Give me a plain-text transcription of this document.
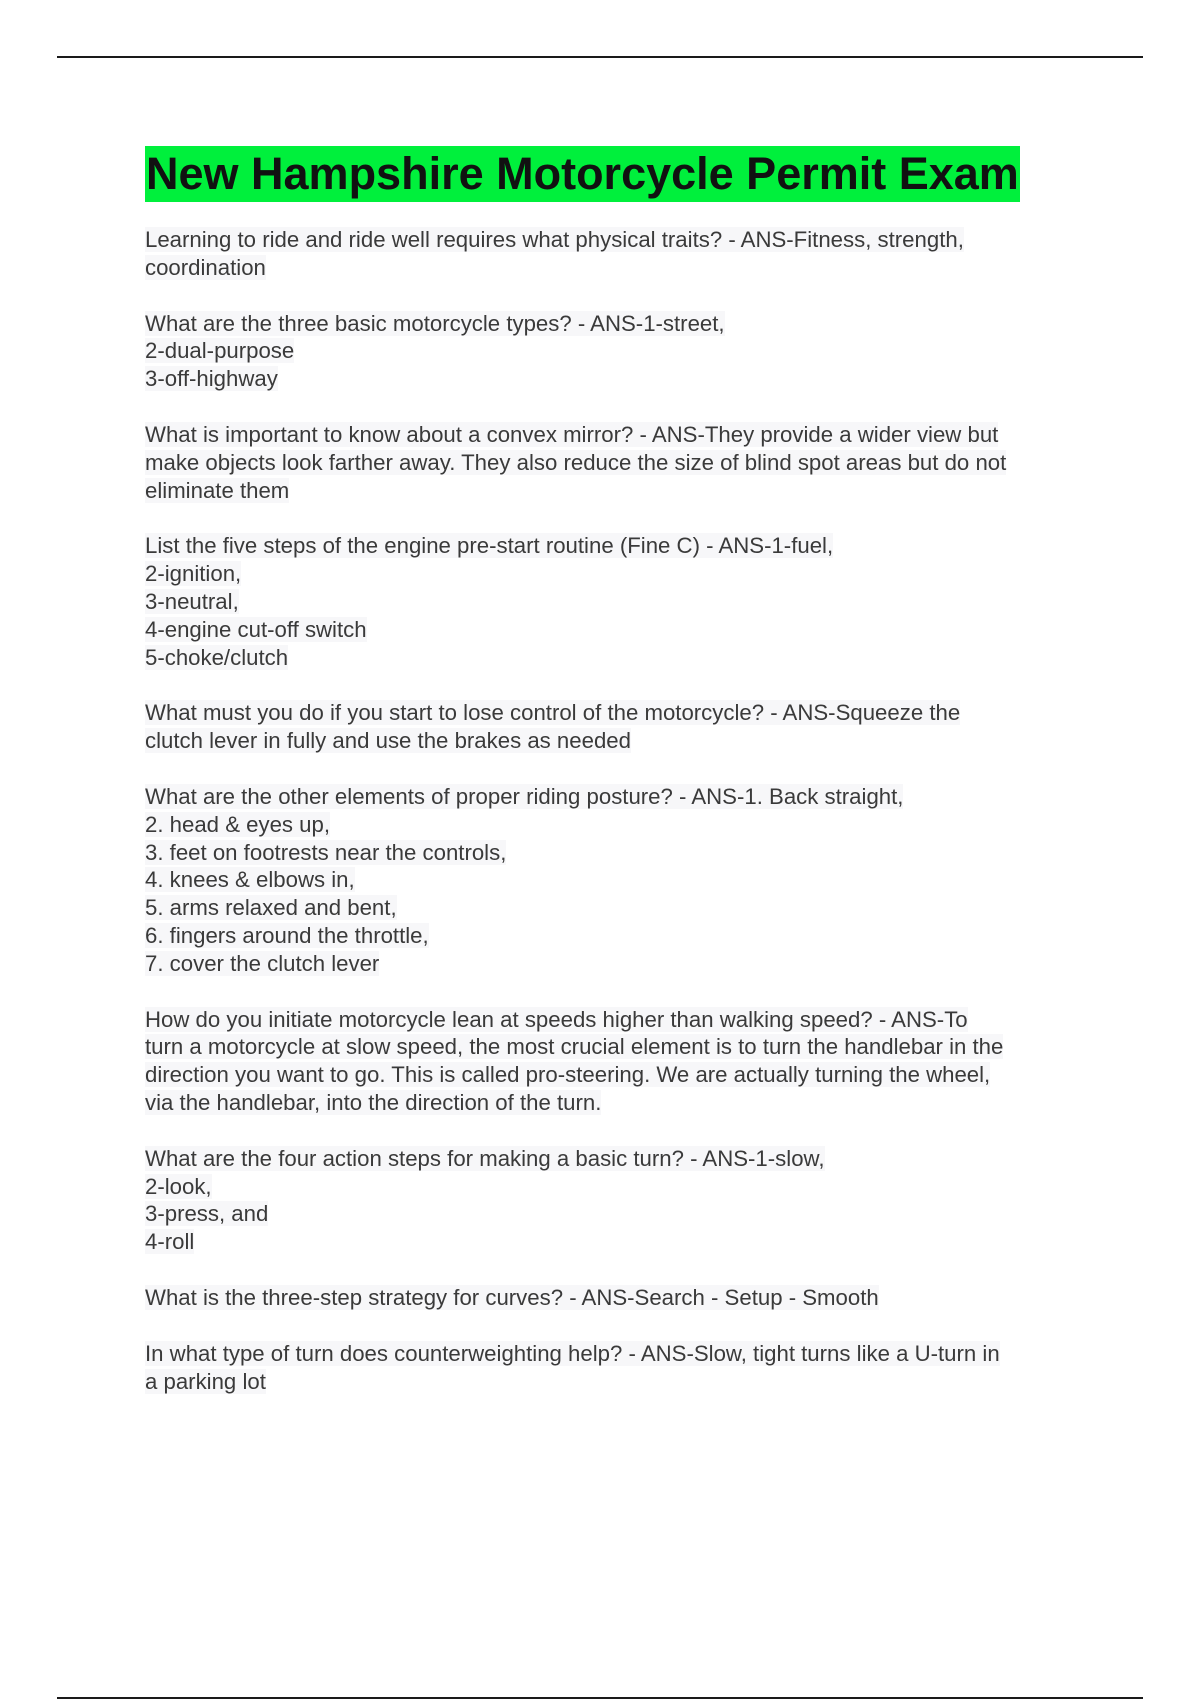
New Hampshire Motorcycle Permit Exam
Learning to ride and ride well requires what physical traits? - ANS-Fitness, strength,
coordination
What are the three basic motorcycle types? - ANS-1-street,
2-dual-purpose
3-off-highway
What is important to know about a convex mirror? - ANS-They provide a wider view but
make objects look farther away. They also reduce the size of blind spot areas but do not
eliminate them
List the five steps of the engine pre-start routine (Fine C) - ANS-1-fuel,
2-ignition,
3-neutral,
4-engine cut-off switch
5-choke/clutch
What must you do if you start to lose control of the motorcycle? - ANS-Squeeze the
clutch lever in fully and use the brakes as needed
What are the other elements of proper riding posture? - ANS-1. Back straight,
2. head & eyes up,
3. feet on footrests near the controls,
4. knees & elbows in,
5. arms relaxed and bent,
6. fingers around the throttle,
7. cover the clutch lever
How do you initiate motorcycle lean at speeds higher than walking speed? - ANS-To
turn a motorcycle at slow speed, the most crucial element is to turn the handlebar in the
direction you want to go. This is called pro-steering. We are actually turning the wheel,
via the handlebar, into the direction of the turn.
What are the four action steps for making a basic turn? - ANS-1-slow,
2-look,
3-press, and
4-roll
What is the three-step strategy for curves? - ANS-Search - Setup - Smooth
In what type of turn does counterweighting help? - ANS-Slow, tight turns like a U-turn in
a parking lot
